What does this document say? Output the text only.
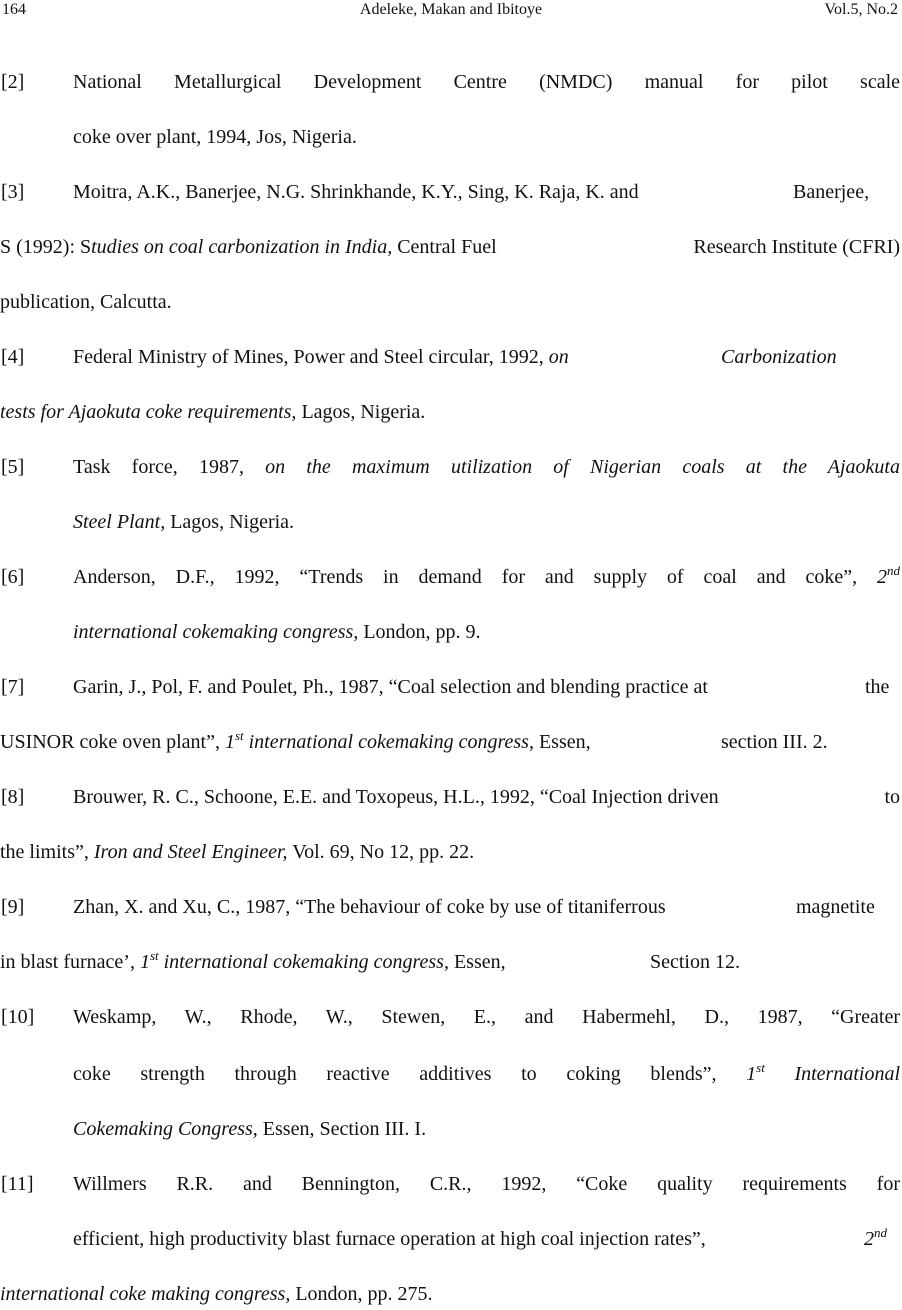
164	Adeleke, Makan and Ibitoye	Vol.5, No.2
[2] National Metallurgical Development Centre (NMDC) manual for pilot scale
coke over plant, 1994, Jos, Nigeria.
[3] Moitra, A.K., Banerjee, N.G. Shrinkhande, K.Y., Sing, K. Raja, K. and	Banerjee,
S (1992): Studies on coal carbonization in India, Central Fuel	Research Institute (CFRI)
publication, Calcutta.
[4] Federal Ministry of Mines, Power and Steel circular, 1992, on	Carbonization
tests for Ajaokuta coke requirements, Lagos, Nigeria.
[5] Task force, 1987, on the maximum utilization of Nigerian coals at the Ajaokuta
Steel Plant, Lagos, Nigeria.
[6] Anderson, D.F., 1992, “Trends in demand for and supply of coal and coke”, 2nd
international cokemaking congress, London, pp. 9.
[7] Garin, J., Pol, F. and Poulet, Ph., 1987, “Coal selection and blending practice at	the
USINOR coke oven plant”, 1st international cokemaking congress, Essen,	section III. 2.
[8] Brouwer, R. C., Schoone, E.E. and Toxopeus, H.L., 1992, “Coal Injection driven	to
the limits”, Iron and Steel Engineer, Vol. 69, No 12, pp. 22.
[9] Zhan, X. and Xu, C., 1987, “The behaviour of coke by use of titaniferrous	magnetite
in blast furnace’, 1st international cokemaking congress, Essen,	Section 12.
[10] Weskamp, W., Rhode, W., Stewen, E., and Habermehl, D., 1987, “Greater
coke strength through reactive additives to coking blends”, 1st International
Cokemaking Congress, Essen, Section III. I.
[11] Willmers R.R. and Bennington, C.R., 1992, “Coke quality requirements for
efficient, high productivity blast furnace operation at high coal injection rates”,	2nd
international coke making congress, London, pp. 275.
